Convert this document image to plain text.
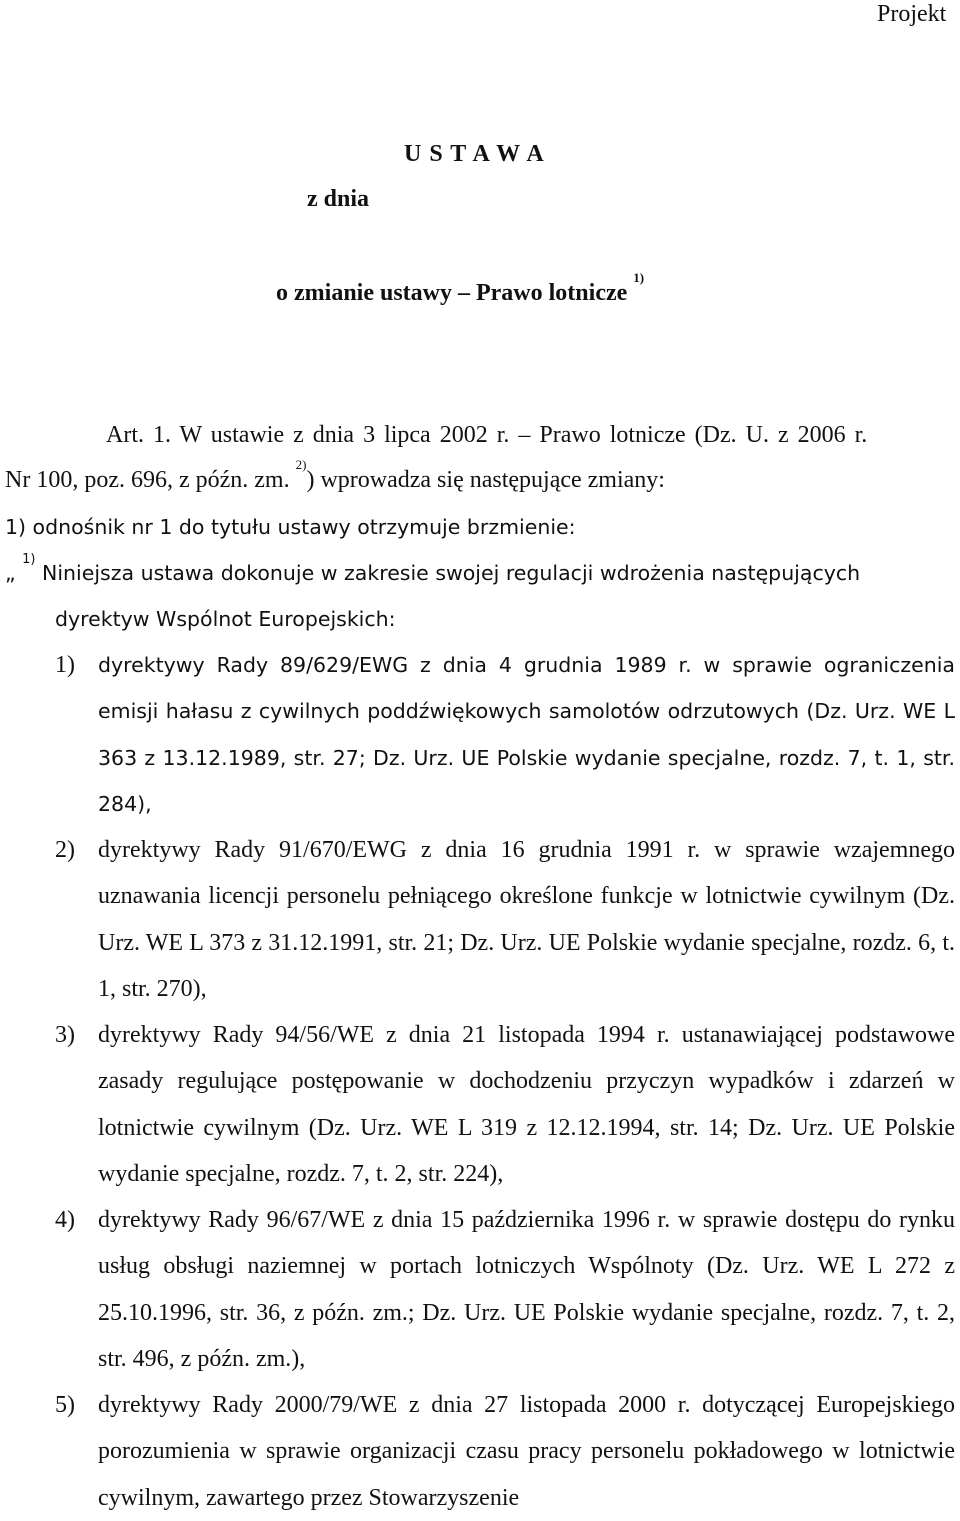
Projekt
U S T A W A
z dnia
o zmianie ustawy – Prawo lotnicze $^{1)}$
Art. 1. W ustawie z dnia 3 lipca 2002 r. – Prawo lotnicze (Dz. U. z 2006 r.
Nr 100, poz. 696, z późn. zm. $^{2)}$) wprowadza się następujące zmiany:
1) odnośnik nr 1 do tytułu ustawy otrzymuje brzmienie:
„ $^{1)}$ Niniejsza ustawa dokonuje w zakresie swojej regulacji wdrożenia następujących
dyrektyw Wspólnot Europejskich:
1) dyrektywy Rady 89/629/EWG z dnia 4 grudnia 1989 r. w sprawie ograniczenia emisji hałasu z cywilnych poddźwiękowych samolotów odrzutowych (Dz. Urz. WE L 363 z 13.12.1989, str. 27; Dz. Urz. UE Polskie wydanie specjalne, rozdz. 7, t. 1, str. 284),
2) dyrektywy Rady 91/670/EWG z dnia 16 grudnia 1991 r. w sprawie wzajemnego uznawania licencji personelu pełniącego określone funkcje w lotnictwie cywilnym (Dz. Urz. WE L 373 z 31.12.1991, str. 21; Dz. Urz. UE Polskie wydanie specjalne, rozdz. 6, t. 1, str. 270),
3) dyrektywy Rady 94/56/WE z dnia 21 listopada 1994 r. ustanawiającej podstawowe zasady regulujące postępowanie w dochodzeniu przyczyn wypadków i zdarzeń w lotnictwie cywilnym (Dz. Urz. WE L 319 z 12.12.1994, str. 14; Dz. Urz. UE Polskie wydanie specjalne, rozdz. 7, t. 2, str. 224),
4) dyrektywy Rady 96/67/WE z dnia 15 października 1996 r. w sprawie dostępu do rynku usług obsługi naziemnej w portach lotniczych Wspólnoty (Dz. Urz. WE L 272 z 25.10.1996, str. 36, z późn. zm.; Dz. Urz. UE Polskie wydanie specjalne, rozdz. 7, t. 2, str. 496, z późn. zm.),
5) dyrektywy Rady 2000/79/WE z dnia 27 listopada 2000 r. dotyczącej Europejskiego porozumienia w sprawie organizacji czasu pracy personelu pokładowego w lotnictwie cywilnym, zawartego przez Stowarzyszenie
